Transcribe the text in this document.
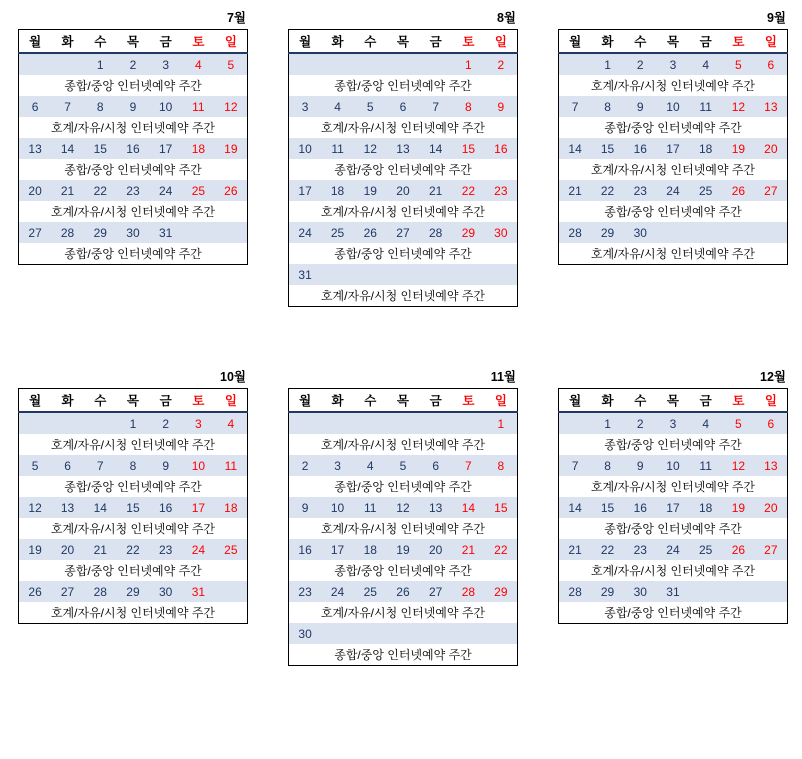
7월
월	화	수	목	금	토	일
		1	2	3	4	5
종합/중앙 인터넷예약 주간						
6	7	8	9	10	11	12
호계/자유/시청 인터넷예약 주간						
13	14	15	16	17	18	19
종합/중앙 인터넷예약 주간						
20	21	22	23	24	25	26
호계/자유/시청 인터넷예약 주간						
27	28	29	30	31		
종합/중앙 인터넷예약 주간						
8월
월	화	수	목	금	토	일
					1	2
종합/중앙 인터넷예약 주간						
3	4	5	6	7	8	9
호계/자유/시청 인터넷예약 주간						
10	11	12	13	14	15	16
종합/중앙 인터넷예약 주간						
17	18	19	20	21	22	23
호계/자유/시청 인터넷예약 주간						
24	25	26	27	28	29	30
종합/중앙 인터넷예약 주간						
31						
호계/자유/시청 인터넷예약 주간						
9월
월	화	수	목	금	토	일
	1	2	3	4	5	6
호계/자유/시청 인터넷예약 주간						
7	8	9	10	11	12	13
종합/중앙 인터넷예약 주간						
14	15	16	17	18	19	20
호계/자유/시청 인터넷예약 주간						
21	22	23	24	25	26	27
종합/중앙 인터넷예약 주간						
28	29	30				
호계/자유/시청 인터넷예약 주간						
10월
월	화	수	목	금	토	일
			1	2	3	4
호계/자유/시청 인터넷예약 주간						
5	6	7	8	9	10	11
종합/중앙 인터넷예약 주간						
12	13	14	15	16	17	18
호계/자유/시청 인터넷예약 주간						
19	20	21	22	23	24	25
종합/중앙 인터넷예약 주간						
26	27	28	29	30	31	
호계/자유/시청 인터넷예약 주간						
11월
월	화	수	목	금	토	일
						1
호계/자유/시청 인터넷예약 주간						
2	3	4	5	6	7	8
종합/중앙 인터넷예약 주간						
9	10	11	12	13	14	15
호계/자유/시청 인터넷예약 주간						
16	17	18	19	20	21	22
종합/중앙 인터넷예약 주간						
23	24	25	26	27	28	29
호계/자유/시청 인터넷예약 주간						
30						
종합/중앙 인터넷예약 주간						
12월
월	화	수	목	금	토	일
	1	2	3	4	5	6
종합/중앙 인터넷예약 주간						
7	8	9	10	11	12	13
호계/자유/시청 인터넷예약 주간						
14	15	16	17	18	19	20
종합/중앙 인터넷예약 주간						
21	22	23	24	25	26	27
호계/자유/시청 인터넷예약 주간						
28	29	30	31			
종합/중앙 인터넷예약 주간						
